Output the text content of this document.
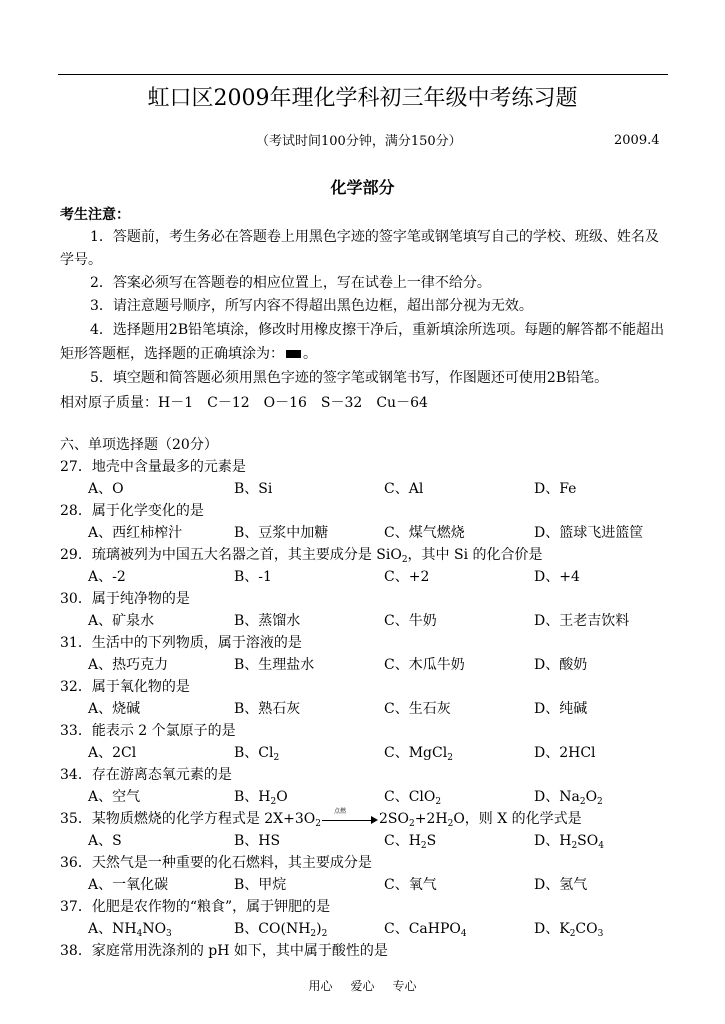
虹口区2009年理化学科初三年级中考练习题
（考试时间100分钟，满分150分）	2009.4
化学部分
考生注意：

1．答题前，考生务必在答题卷上用黑色字迹的签字笔或钢笔填写自己的学校、班级、姓名及学号。

2．答案必须写在答题卷的相应位置上，写在试卷上一律不给分。

3．请注意题号顺序，所写内容不得超出黑色边框，超出部分视为无效。

4．选择题用2B铅笔填涂，修改时用橡皮擦干净后，重新填涂所选项。每题的解答都不能超出矩形答题框，选择题的正确填涂为： 。

5．填空题和简答题必须用黑色字迹的签字笔或钢笔书写，作图题还可使用2B铅笔。

相对原子质量：H－1　C－12　O－16　S－32　Cu－64
六、单项选择题（20分）
27．地壳中含量最多的元素是
A、O	B、Si	C、Al	D、Fe
28．属于化学变化的是
A、西红柿榨汁	B、豆浆中加糖	C、煤气燃烧	D、篮球飞进篮筐
29．琉璃被列为中国五大名器之首，其主要成分是 SiO$_2$，其中 Si 的化合价是
A、-2	B、-1	C、+2	D、+4
30．属于纯净物的是
A、矿泉水	B、蒸馏水	C、牛奶	D、王老吉饮料
31．生活中的下列物质，属于溶液的是
A、热巧克力	B、生理盐水	C、木瓜牛奶	D、酸奶
32．属于氧化物的是
A、烧碱	B、熟石灰	C、生石灰	D、纯碱
33．能表示 2 个氯原子的是
A、2Cl	B、$Cl_2$	C、MgCl$_2$	D、2HCl
34．存在游离态氧元素的是
A、空气	B、$H_2O$	C、ClO$_2$	D、$Na_2O_2$
35．某物质燃烧的化学方程式是 $2X+3O_2$
点燃 $2SO_2+2H_2O$，则 X 的化学式是
A、S	B、HS	C、$H_2S$	D、$H_2SO_4$
36．天然气是一种重要的化石燃料，其主要成分是
A、一氧化碳	B、甲烷	C、氧气	D、氢气
37．化肥是农作物的“粮食”，属于钾肥的是
A、$NH_4NO_3$	B、$CO(NH_2)_2$	C、CaHPO$_4$	D、$K_2CO_3$
38．家庭常用洗涤剂的 pH 如下，其中属于酸性的是
用心 爱心 专心
